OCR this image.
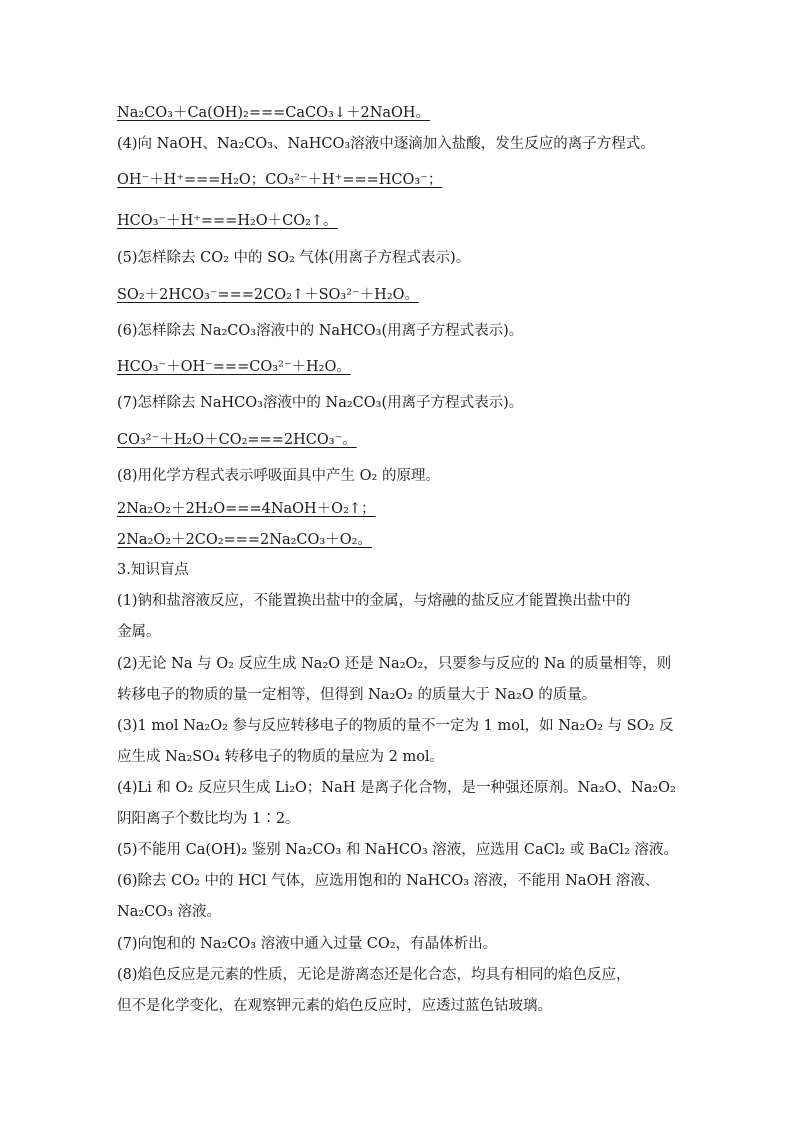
Na₂CO₃＋Ca(OH)₂===CaCO₃↓＋2NaOH。

(4)向 NaOH、Na₂CO₃、NaHCO₃溶液中逐滴加入盐酸，发生反应的离子方程式。

OH⁻＋H⁺===H₂O；CO₃²⁻＋H⁺===HCO₃⁻；

HCO₃⁻＋H⁺===H₂O＋CO₂↑。

(5)怎样除去 CO₂ 中的 SO₂ 气体(用离子方程式表示)。

SO₂＋2HCO₃⁻===2CO₂↑＋SO₃²⁻＋H₂O。

(6)怎样除去 Na₂CO₃溶液中的 NaHCO₃(用离子方程式表示)。

HCO₃⁻＋OH⁻===CO₃²⁻＋H₂O。

(7)怎样除去 NaHCO₃溶液中的 Na₂CO₃(用离子方程式表示)。

CO₃²⁻＋H₂O＋CO₂===2HCO₃⁻。

(8)用化学方程式表示呼吸面具中产生 O₂ 的原理。

2Na₂O₂＋2H₂O===4NaOH＋O₂↑；

2Na₂O₂＋2CO₂===2Na₂CO₃＋O₂。

3.知识盲点

(1)钠和盐溶液反应，不能置换出盐中的金属，与熔融的盐反应才能置换出盐中的

金属。

(2)无论 Na 与 O₂ 反应生成 Na₂O 还是 Na₂O₂，只要参与反应的 Na 的质量相等，则

转移电子的物质的量一定相等，但得到 Na₂O₂ 的质量大于 Na₂O 的质量。

(3)1 mol Na₂O₂ 参与反应转移电子的物质的量不一定为 1 mol，如 Na₂O₂ 与 SO₂ 反

应生成 Na₂SO₄ 转移电子的物质的量应为 2 mol。

(4)Li 和 O₂ 反应只生成 Li₂O；NaH 是离子化合物，是一种强还原剂。Na₂O、Na₂O₂

阴阳离子个数比均为 1∶2。

(5)不能用 Ca(OH)₂ 鉴别 Na₂CO₃ 和 NaHCO₃ 溶液，应选用 CaCl₂ 或 BaCl₂ 溶液。

(6)除去 CO₂ 中的 HCl 气体，应选用饱和的 NaHCO₃ 溶液，不能用 NaOH 溶液、

Na₂CO₃ 溶液。

(7)向饱和的 Na₂CO₃ 溶液中通入过量 CO₂，有晶体析出。

(8)焰色反应是元素的性质，无论是游离态还是化合态，均具有相同的焰色反应，

但不是化学变化，在观察钾元素的焰色反应时，应透过蓝色钴玻璃。
